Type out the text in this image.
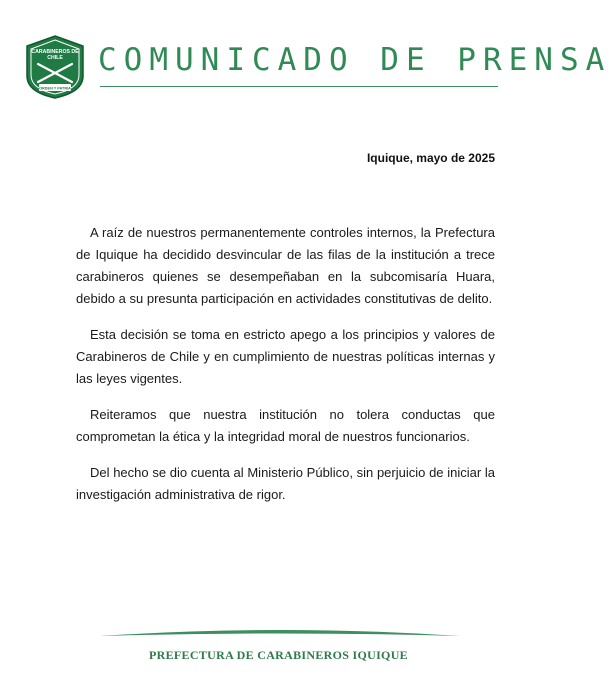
CARABINEROS DE
CHILE
ORDEN Y PATRIA
COMUNICADO DE PRENSA
Iquique, mayo de 2025

A raíz de nuestros permanentemente controles internos, la Prefectura de Iquique ha decidido desvincular de las filas de la institución a trece carabineros quienes se desempeñaban en la subcomisaría Huara, debido a su presunta participación en actividades constitutivas de delito.

Esta decisión se toma en estricto apego a los principios y valores de Carabineros de Chile y en cumplimiento de nuestras políticas internas y las leyes vigentes.

Reiteramos que nuestra institución no tolera conductas que comprometan la ética y la integridad moral de nuestros funcionarios.

Del hecho se dio cuenta al Ministerio Público, sin perjuicio de iniciar la investigación administrativa de rigor.

PREFECTURA DE CARABINEROS IQUIQUE
